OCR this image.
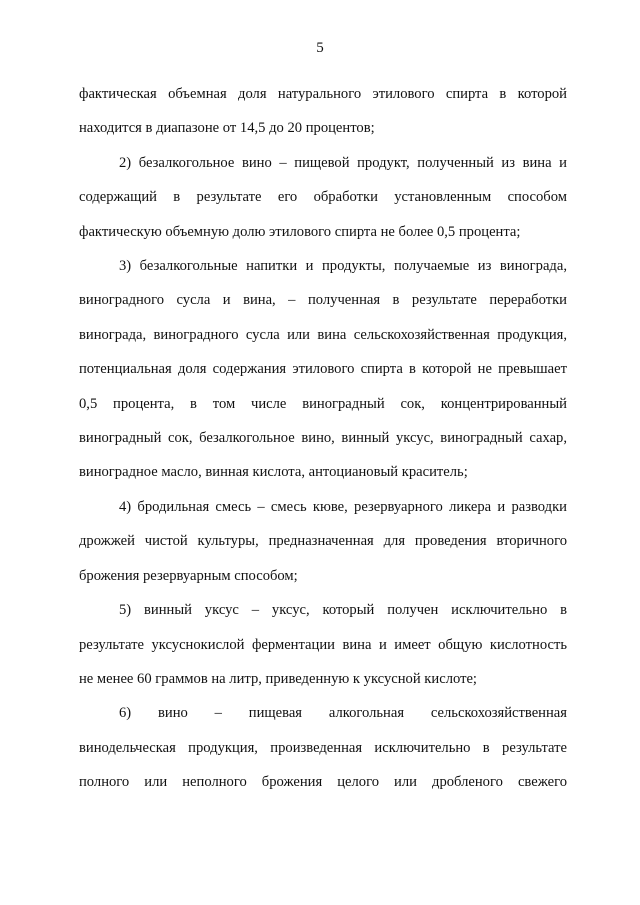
5

фактическая объемная доля натурального этилового спирта в которой

находится в диапазоне от 14,5 до 20 процентов;

2) безалкогольное вино – пищевой продукт, полученный из вина и

содержащий в результате его обработки установленным способом

фактическую объемную долю этилового спирта не более 0,5 процента;

3) безалкогольные напитки и продукты, получаемые из винограда,

виноградного сусла и вина, – полученная в результате переработки

винограда, виноградного сусла или вина сельскохозяйственная продукция,

потенциальная доля содержания этилового спирта в которой не превышает

0,5 процента, в том числе виноградный сок, концентрированный

виноградный сок, безалкогольное вино, винный уксус, виноградный сахар,

виноградное масло, винная кислота, антоциановый краситель;

4) бродильная смесь – смесь кюве, резервуарного ликера и разводки

дрожжей чистой культуры, предназначенная для проведения вторичного

брожения резервуарным способом;

5) винный уксус – уксус, который получен исключительно в

результате уксуснокислой ферментации вина и имеет общую кислотность

не менее 60 граммов на литр, приведенную к уксусной кислоте;

6) вино – пищевая алкогольная сельскохозяйственная

винодельческая продукция, произведенная исключительно в результате

полного или неполного брожения целого или дробленого свежего
